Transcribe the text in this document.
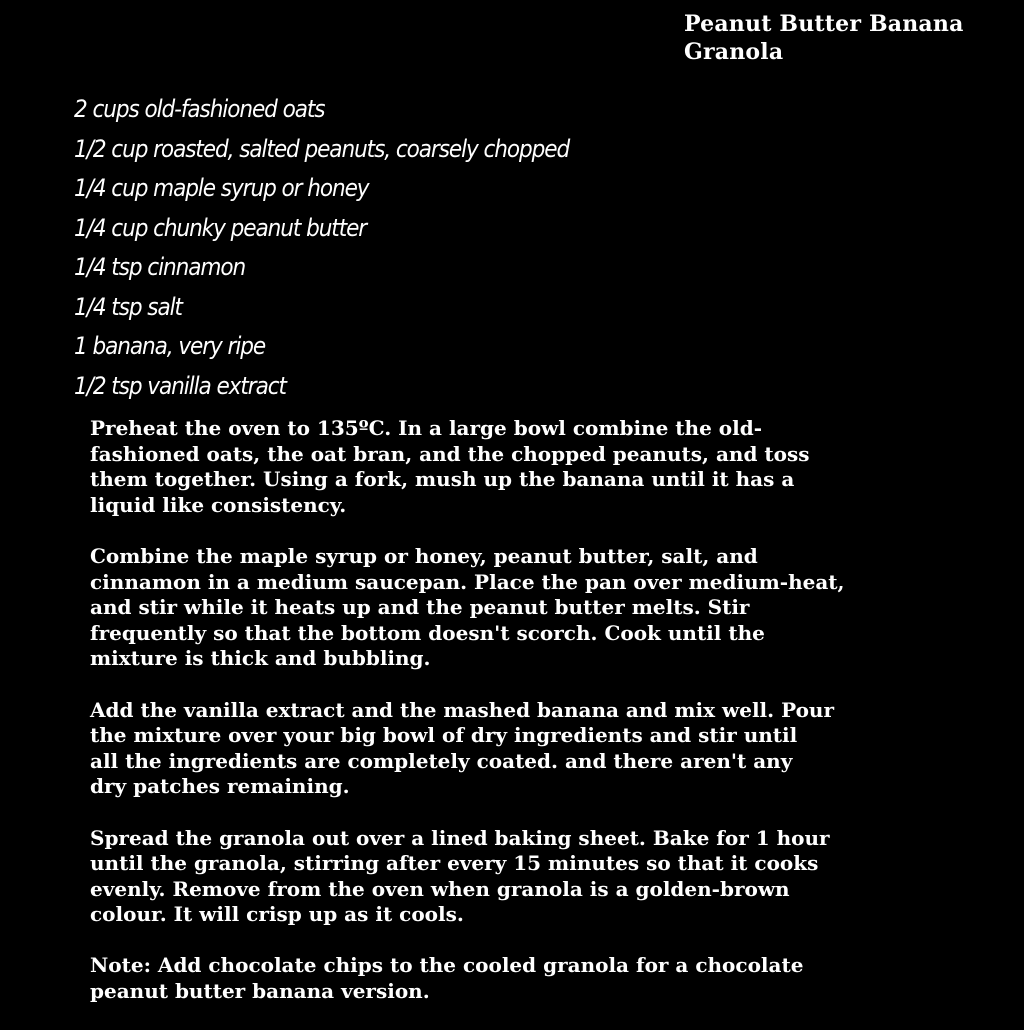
Peanut Butter Banana
Granola
2 cups old-fashioned oats
1/2 cup roasted, salted peanuts, coarsely chopped
1/4 cup maple syrup or honey
1/4 cup chunky peanut butter
1/4 tsp cinnamon
1/4 tsp salt
1 banana, very ripe
1/2 tsp vanilla extract

Preheat the oven to 135ºC. In a large bowl combine the old-
fashioned oats, the oat bran, and the chopped peanuts, and toss
them together. Using a fork, mush up the banana until it has a
liquid like consistency.

Combine the maple syrup or honey, peanut butter, salt, and
cinnamon in a medium saucepan. Place the pan over medium-heat,
and stir while it heats up and the peanut butter melts. Stir
frequently so that the bottom doesn't scorch. Cook until the
mixture is thick and bubbling.

Add the vanilla extract and the mashed banana and mix well. Pour
the mixture over your big bowl of dry ingredients and stir until
all the ingredients are completely coated. and there aren't any
dry patches remaining.

Spread the granola out over a lined baking sheet. Bake for 1 hour
until the granola, stirring after every 15 minutes so that it cooks
evenly. Remove from the oven when granola is a golden-brown
colour. It will crisp up as it cools.

Note: Add chocolate chips to the cooled granola for a chocolate
peanut butter banana version.
